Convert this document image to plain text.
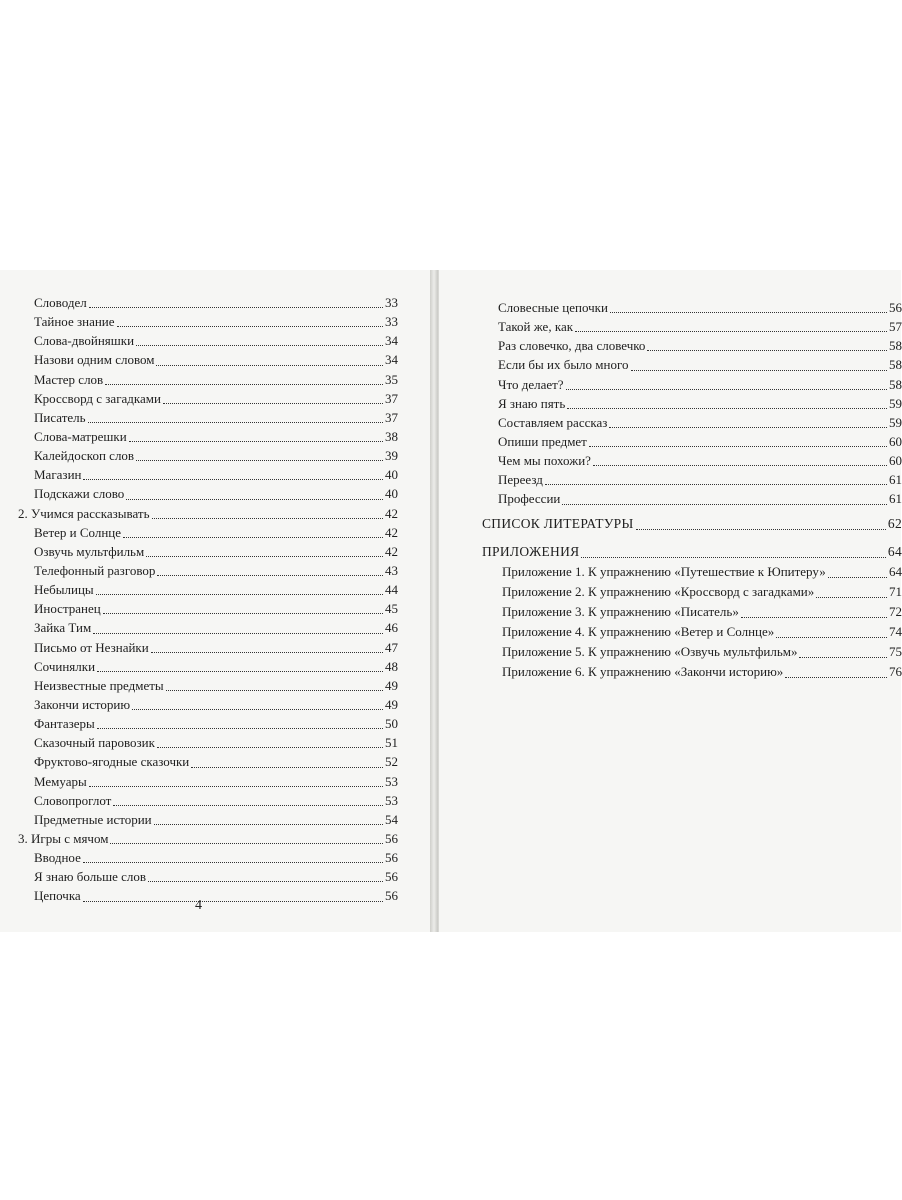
Словодел	33
Тайное знание	33
Слова-двойняшки	34
Назови одним словом	34
Мастер слов	35
Кроссворд с загадками	37
Писатель	37
Слова-матрешки	38
Калейдоскоп слов	39
Магазин	40
Подскажи слово	40
2. Учимся рассказывать	42
Ветер и Солнце	42
Озвучь мультфильм	42
Телефонный разговор	43
Небылицы	44
Иностранец	45
Зайка Тим	46
Письмо от Незнайки	47
Сочинялки	48
Неизвестные предметы	49
Закончи историю	49
Фантазеры	50
Сказочный паровозик	51
Фруктово-ягодные сказочки	52
Мемуары	53
Словопроглот	53
Предметные истории	54
3. Игры с мячом	56
Вводное	56
Я знаю больше слов	56
Цепочка	56
4
Словесные цепочки	56
Такой же, как	57
Раз словечко, два словечко	58
Если бы их было много	58
Что делает?	58
Я знаю пять	59
Составляем рассказ	59
Опиши предмет	60
Чем мы похожи?	60
Переезд	61
Профессии	61
СПИСОК ЛИТЕРАТУРЫ	62
ПРИЛОЖЕНИЯ	64
Приложение 1. К упражнению «Путешествие к Юпитеру»	64
Приложение 2. К упражнению «Кроссворд с загадками»	71
Приложение 3. К упражнению «Писатель»	72
Приложение 4. К упражнению «Ветер и Солнце»	74
Приложение 5. К упражнению «Озвучь мультфильм»	75
Приложение 6. К упражнению «Закончи историю»	76
